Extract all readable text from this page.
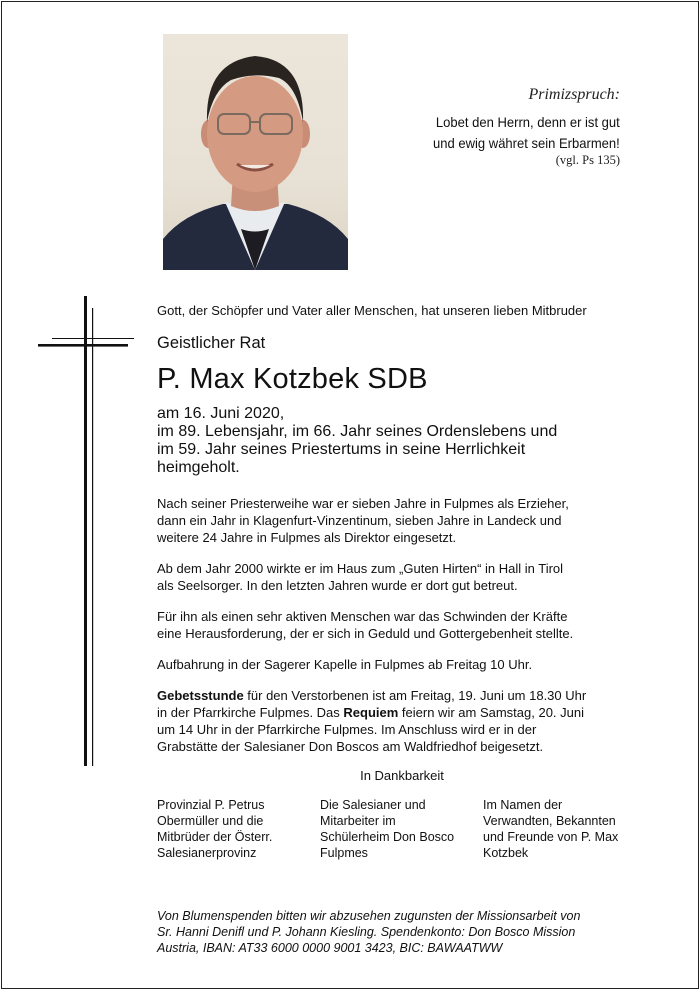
Primizspruch:
Lobet den Herrn, denn er ist gut
und ewig währet sein Erbarmen!
(vgl. Ps 135)

Gott, der Schöpfer und Vater aller Menschen, hat unseren lieben Mitbruder

Geistlicher Rat

P. Max Kotzbek SDB
am 16. Juni 2020,
im 89. Lebensjahr, im 66. Jahr seines Ordenslebens und
im 59. Jahr seines Priestertums in seine Herrlichkeit
heimgeholt.
Nach seiner Priesterweihe war er sieben Jahre in Fulpmes als Erzieher,
dann ein Jahr in Klagenfurt-Vinzentinum, sieben Jahre in Landeck und
weitere 24 Jahre in Fulpmes als Direktor eingesetzt.
Ab dem Jahr 2000 wirkte er im Haus zum „Guten Hirten“ in Hall in Tirol
als Seelsorger. In den letzten Jahren wurde er dort gut betreut.
Für ihn als einen sehr aktiven Menschen war das Schwinden der Kräfte
eine Herausforderung, der er sich in Geduld und Gottergebenheit stellte.
Aufbahrung in der Sagerer Kapelle in Fulpmes ab Freitag 10 Uhr.
Gebetsstunde für den Verstorbenen ist am Freitag, 19. Juni um 18.30 Uhr
in der Pfarrkirche Fulpmes. Das Requiem feiern wir am Samstag, 20. Juni
um 14 Uhr in der Pfarrkirche Fulpmes. Im Anschluss wird er in der
Grabstätte der Salesianer Don Boscos am Waldfriedhof beigesetzt.
In Dankbarkeit
Provinzial P. Petrus
Obermüller und die
Mitbrüder der Österr.
Salesianerprovinz
Die Salesianer und
Mitarbeiter im
Schülerheim Don Bosco
Fulpmes
Im Namen der
Verwandten, Bekannten
und Freunde von P. Max
Kotzbek
Von Blumenspenden bitten wir abzusehen zugunsten der Missionsarbeit von
Sr. Hanni Denifl und P. Johann Kiesling. Spendenkonto: Don Bosco Mission
Austria, IBAN: AT33 6000 0000 9001 3423, BIC: BAWAATWW
